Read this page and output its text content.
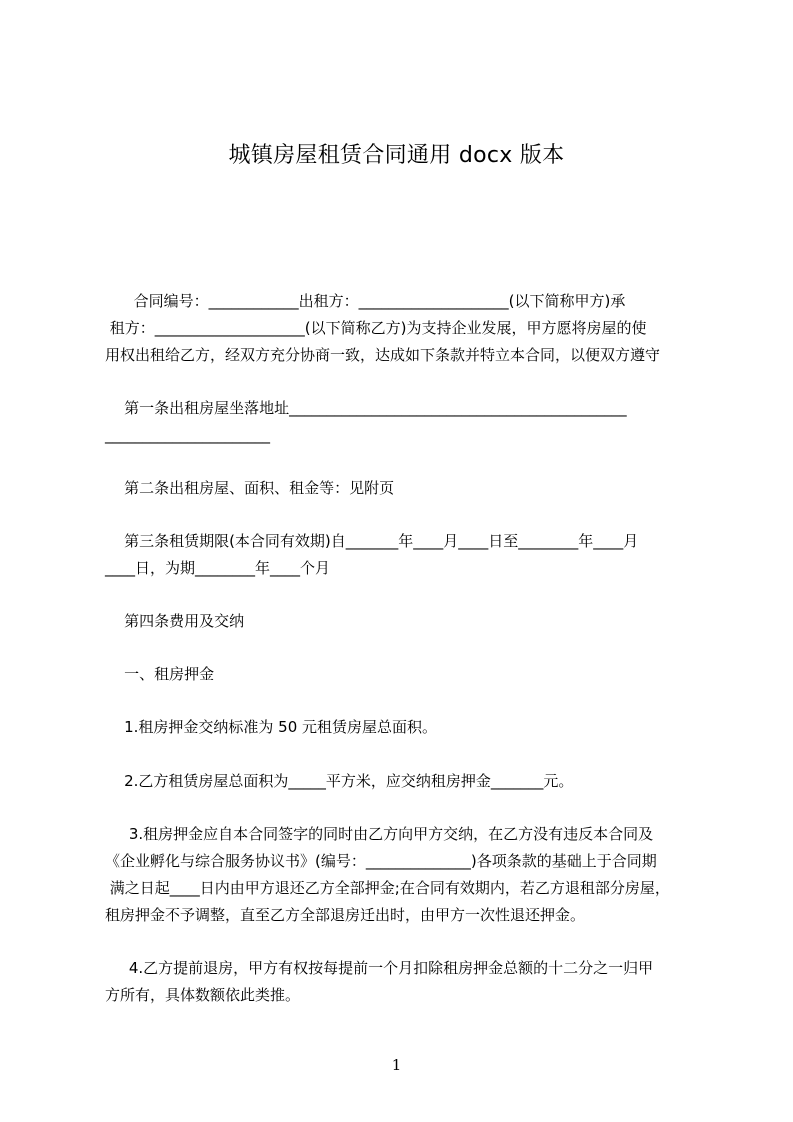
城镇房屋租赁合同通用 docx 版本
合同编号：____________出租方：____________________(以下简称甲方)承
租方：____________________(以下简称乙方)为支持企业发展，甲方愿将房屋的使
用权出租给乙方，经双方充分协商一致，达成如下条款并特立本合同，以便双方遵守
第一条出租房屋坐落地址_____________________________________________
______________________
第二条出租房屋、面积、租金等：见附页
第三条租赁期限(本合同有效期)自_______年____月____日至________年____月
____日，为期________年____个月
第四条费用及交纳
一、租房押金
1.租房押金交纳标准为 50 元租赁房屋总面积。
2.乙方租赁房屋总面积为_____平方米，应交纳租房押金_______元。
3.租房押金应自本合同签字的同时由乙方向甲方交纳，在乙方没有违反本合同及
《企业孵化与综合服务协议书》(编号：______________)各项条款的基础上于合同期
满之日起____日内由甲方退还乙方全部押金;在合同有效期内，若乙方退租部分房屋，
租房押金不予调整，直至乙方全部退房迁出时，由甲方一次性退还押金。
4.乙方提前退房，甲方有权按每提前一个月扣除租房押金总额的十二分之一归甲
方所有，具体数额依此类推。
1
